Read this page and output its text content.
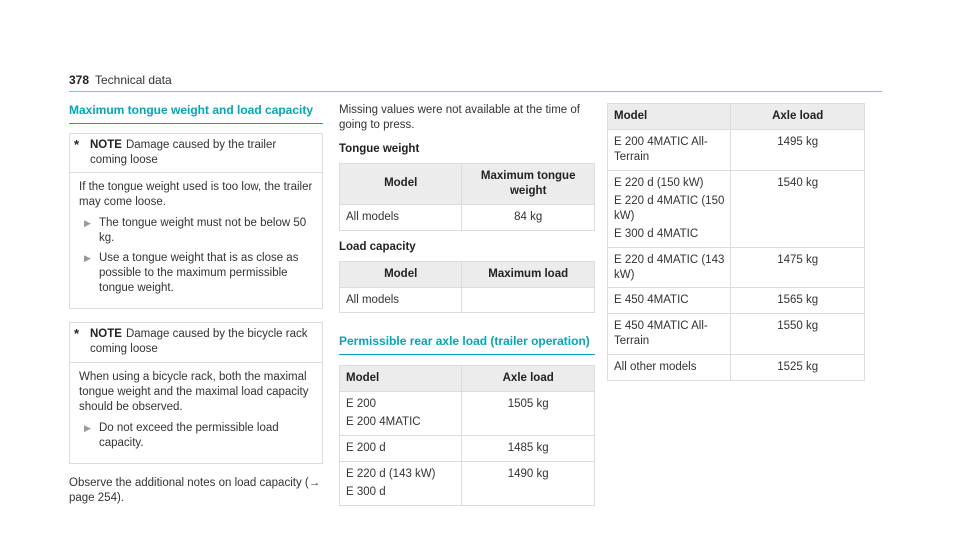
378 Technical data
Maximum tongue weight and load capacity
* NOTE Damage caused by the trailer coming loose

If the tongue weight used is too low, the trailer may come loose.

▶ The tongue weight must not be below 50 kg.
▶ Use a tongue weight that is as close as possible to the maximum permissible tongue weight.
* NOTE Damage caused by the bicycle rack coming loose

When using a bicycle rack, both the maximal tongue weight and the maximal load capacity should be observed.

▶ Do not exceed the permissible load capacity.

Observe the additional notes on load capacity (→ page 254).

Missing values were not available at the time of going to press.

Tongue weight
Model	Maximum tongue weight
All models	84 kg
Load capacity
Model	Maximum load
All models	
Permissible rear axle load (trailer operation)
Model	Axle load

E 200
E 200 4MATIC	1505 kg

E 200 d	1485 kg

E 220 d (143 kW)
E 300 d	1490 kg
Model	Axle load

E 200 4MATIC All-Terrain	1495 kg

E 220 d (150 kW)
E 220 d 4MATIC (150 kW)
E 300 d 4MATIC	1540 kg

E 220 d 4MATIC (143 kW)	1475 kg

E 450 4MATIC	1565 kg

E 450 4MATIC All-Terrain	1550 kg

All other models	1525 kg
